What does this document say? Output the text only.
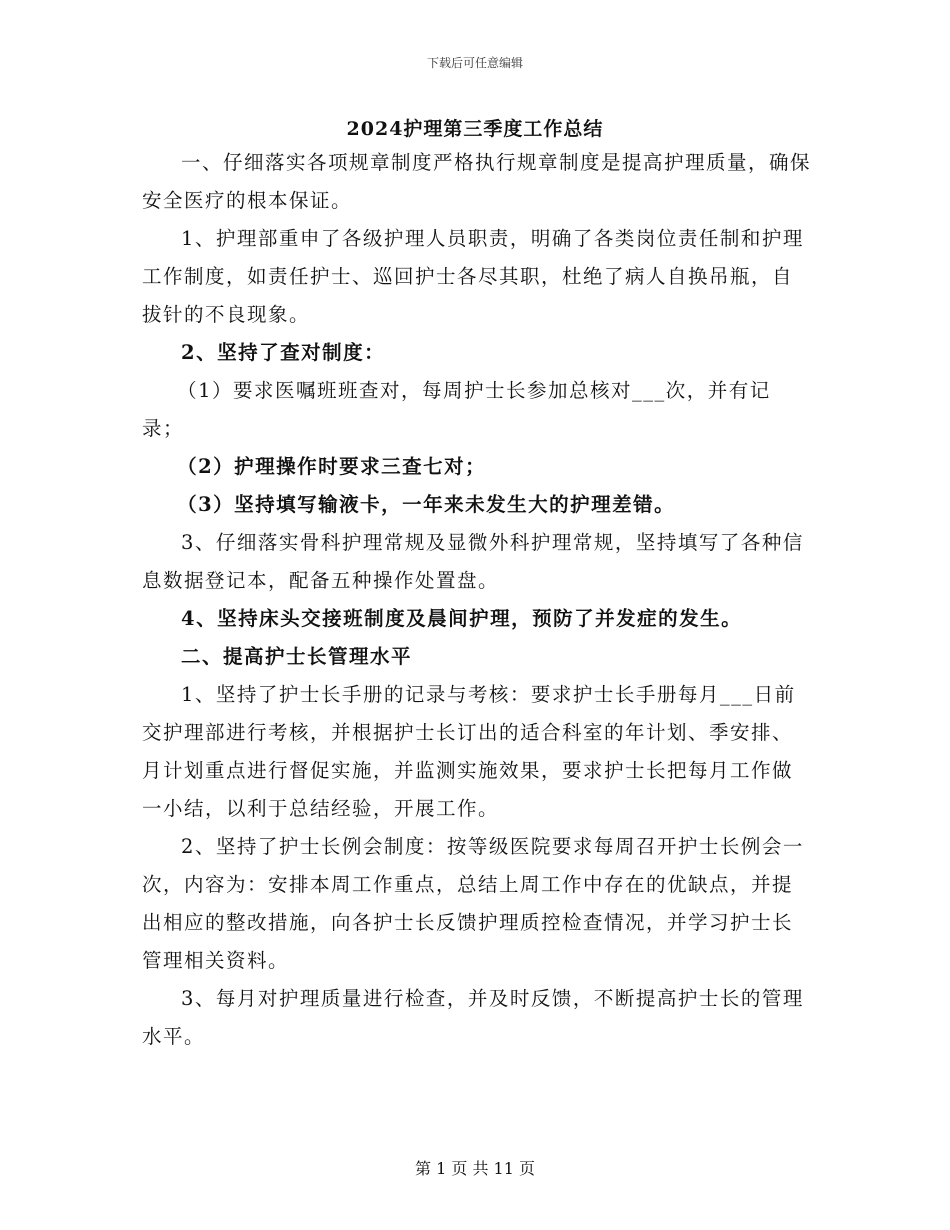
下载后可任意编辑
2024护理第三季度工作总结

一、仔细落实各项规章制度严格执行规章制度是提高护理质量，确保安全医疗的根本保证。

1、护理部重申了各级护理人员职责，明确了各类岗位责任制和护理工作制度，如责任护士、巡回护士各尽其职，杜绝了病人自换吊瓶，自拔针的不良现象。

2、坚持了查对制度：

（1）要求医嘱班班查对，每周护士长参加总核对___次，并有记录；

（2）护理操作时要求三查七对；

（3）坚持填写输液卡，一年来未发生大的护理差错。

3、仔细落实骨科护理常规及显微外科护理常规，坚持填写了各种信息数据登记本，配备五种操作处置盘。

4、坚持床头交接班制度及晨间护理，预防了并发症的发生。

二、提高护士长管理水平

1、坚持了护士长手册的记录与考核：要求护士长手册每月___日前交护理部进行考核，并根据护士长订出的适合科室的年计划、季安排、月计划重点进行督促实施，并监测实施效果，要求护士长把每月工作做一小结，以利于总结经验，开展工作。

2、坚持了护士长例会制度：按等级医院要求每周召开护士长例会一次，内容为：安排本周工作重点，总结上周工作中存在的优缺点，并提出相应的整改措施，向各护士长反馈护理质控检查情况，并学习护士长管理相关资料。

3、每月对护理质量进行检查，并及时反馈，不断提高护士长的管理水平。

第 1 页 共 11 页
